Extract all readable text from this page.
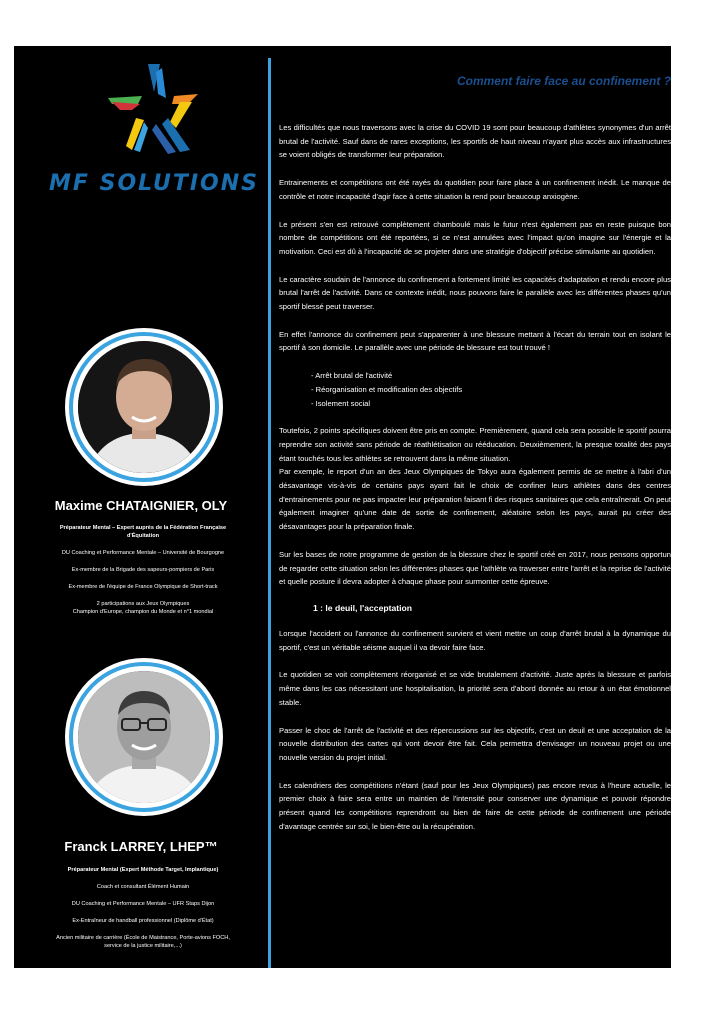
MF SOLUTIONS
Maxime CHATAIGNIER, OLY
Préparateur Mental – Expert auprès de la Fédération Française
d'Équitation
DU Coaching et Performance Mentale – Université de Bourgogne
Ex-membre de la Brigade des sapeurs-pompiers de Paris
Ex-membre de l'équipe de France Olympique de Short-track
2 participations aux Jeux Olympiques
Champion d'Europe, champion du Monde et n°1 mondial
Franck LARREY, LHEP™
Préparateur Mental (Expert Méthode Target, Implantique)
Coach et consultant Élément Humain
DU Coaching et Performance Mentale – UFR Staps Dijon
Ex-Entraîneur de handball professionnel (Diplôme d'État)
Ancien militaire de carrière (École de Maistrance, Porte-avions FOCH,
service de la justice militaire,...)
Comment faire face au confinement ?

Les difficultés que nous traversons avec la crise du COVID 19 sont pour beaucoup d'athlètes synonymes d'un arrêt brutal de l'activité. Sauf dans de rares exceptions, les sportifs de haut niveau n'ayant plus accès aux infrastructures se voient obligés de transformer leur préparation.

Entrainements et compétitions ont été rayés du quotidien pour faire place à un confinement inédit. Le manque de contrôle et notre incapacité d'agir face à cette situation la rend pour beaucoup anxiogène.

Le présent s'en est retrouvé complètement chamboulé mais le futur n'est également pas en reste puisque bon nombre de compétitions ont été reportées, si ce n'est annulées avec l'impact qu'on imagine sur l'énergie et la motivation. Ceci est dû à l'incapacité de se projeter dans une stratégie d'objectif précise stimulante au quotidien.

Le caractère soudain de l'annonce du confinement a fortement limité les capacités d'adaptation et rendu encore plus brutal l'arrêt de l'activité. Dans ce contexte inédit, nous pouvons faire le parallèle avec les différentes phases qu'un sportif blessé peut traverser.

En effet l'annonce du confinement peut s'apparenter à une blessure mettant à l'écart du terrain tout en isolant le sportif à son domicile. Le parallèle avec une période de blessure est tout trouvé !

- Arrêt brutal de l'activité
- Réorganisation et modification des objectifs
- Isolement social

Toutefois, 2 points spécifiques doivent être pris en compte. Premièrement, quand cela sera possible le sportif pourra reprendre son activité sans période de réathlétisation ou rééducation. Deuxièmement, la presque totalité des pays étant touchés tous les athlètes se retrouvent dans la même situation.

Par exemple, le report d'un an des Jeux Olympiques de Tokyo aura également permis de se mettre à l'abri d'un désavantage vis-à-vis de certains pays ayant fait le choix de confiner leurs athlètes dans des centres d'entrainements pour ne pas impacter leur préparation faisant fi des risques sanitaires que cela entraînerait. On peut également imaginer qu'une date de sortie de confinement, aléatoire selon les pays, aurait pu créer des désavantages pour la préparation finale.

Sur les bases de notre programme de gestion de la blessure chez le sportif créé en 2017, nous pensons opportun de regarder cette situation selon les différentes phases que l'athlète va traverser entre l'arrêt et la reprise de l'activité et quelle posture il devra adopter à chaque phase pour surmonter cette épreuve.

1 : le deuil, l'acceptation

Lorsque l'accident ou l'annonce du confinement survient et vient mettre un coup d'arrêt brutal à la dynamique du sportif, c'est un véritable séisme auquel il va devoir faire face.

Le quotidien se voit complètement réorganisé et se vide brutalement d'activité. Juste après la blessure et parfois même dans les cas nécessitant une hospitalisation, la priorité sera d'abord donnée au retour à un état émotionnel stable.

Passer le choc de l'arrêt de l'activité et des répercussions sur les objectifs, c'est un deuil et une acceptation de la nouvelle distribution des cartes qui vont devoir être fait. Cela permettra d'envisager un nouveau projet ou une nouvelle version du projet initial.

Les calendriers des compétitions n'étant (sauf pour les Jeux Olympiques) pas encore revus à l'heure actuelle, le premier choix à faire sera entre un maintien de l'intensité pour conserver une dynamique et pouvoir répondre présent quand les compétitions reprendront ou bien de faire de cette période de confinement une période d'avantage centrée sur soi, le bien-être ou la récupération.
